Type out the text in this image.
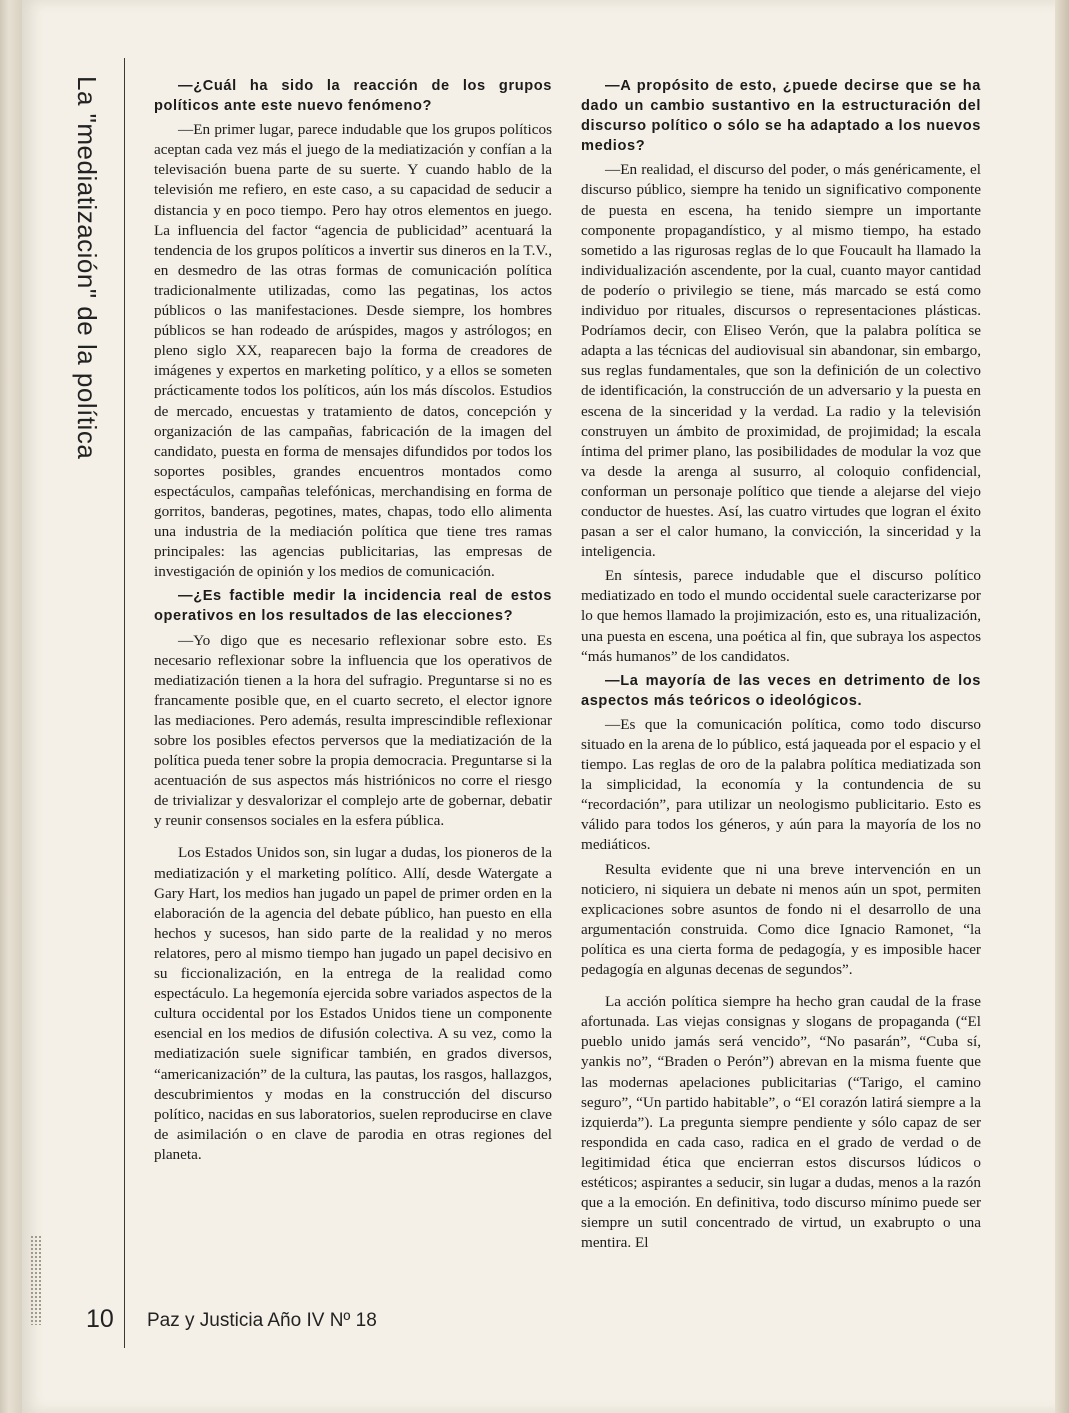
La "mediatización" de la política	—¿Cuál ha sido la reacción de los grupos políticos ante este nuevo fenómeno?

—En primer lugar, parece indudable que los grupos políticos aceptan cada vez más el juego de la mediatización y confían a la televisación buena parte de su suerte. Y cuando hablo de la televisión me refiero, en este caso, a su capacidad de seducir a distancia y en poco tiempo. Pero hay otros elementos en juego. La influencia del factor “agencia de publicidad” acentuará la tendencia de los grupos políticos a invertir sus dineros en la T.V., en desmedro de las otras formas de comunicación política tradicionalmente utilizadas, como las pegatinas, los actos públicos o las manifestaciones. Desde siempre, los hombres públicos se han rodeado de arúspides, magos y astrólogos; en pleno siglo XX, reaparecen bajo la forma de creadores de imágenes y expertos en marketing político, y a ellos se someten prácticamente todos los políticos, aún los más díscolos. Estudios de mercado, encuestas y tratamiento de datos, concepción y organización de las campañas, fabricación de la imagen del candidato, puesta en forma de mensajes difundidos por todos los soportes posibles, grandes encuentros montados como espectáculos, campañas telefónicas, merchandising en forma de gorritos, banderas, pegotines, mates, chapas, todo ello alimenta una industria de la mediación política que tiene tres ramas principales: las agencias publicitarias, las empresas de investigación de opinión y los medios de comunicación.

—¿Es factible medir la incidencia real de estos operativos en los resultados de las elecciones?

—Yo digo que es necesario reflexionar sobre esto. Es necesario reflexionar sobre la influencia que los operativos de mediatización tienen a la hora del sufragio. Preguntarse si no es francamente posible que, en el cuarto secreto, el elector ignore las mediaciones. Pero además, resulta imprescindible reflexionar sobre los posibles efectos perversos que la mediatización de la política pueda tener sobre la propia democracia. Preguntarse si la acentuación de sus aspectos más histriónicos no corre el riesgo de trivializar y desvalorizar el complejo arte de gobernar, debatir y reunir consensos sociales en la esfera pública.

Los Estados Unidos son, sin lugar a dudas, los pioneros de la mediatización y el marketing político. Allí, desde Watergate a Gary Hart, los medios han jugado un papel de primer orden en la elaboración de la agencia del debate público, han puesto en ella hechos y sucesos, han sido parte de la realidad y no meros relatores, pero al mismo tiempo han jugado un papel decisivo en su ficcionalización, en la entrega de la realidad como espectáculo. La hegemonía ejercida sobre variados aspectos de la cultura occidental por los Estados Unidos tiene un componente esencial en los medios de difusión colectiva. A su vez, como la mediatización suele significar también, en grados diversos, “americanización” de la cultura, las pautas, los rasgos, hallazgos, descubrimientos y modas en la construcción del discurso político, nacidas en sus laboratorios, suelen reproducirse en clave de asimilación o en clave de parodia en otras regiones del planeta.

—A propósito de esto, ¿puede decirse que se ha dado un cambio sustantivo en la estructuración del discurso político o sólo se ha adaptado a los nuevos medios?

—En realidad, el discurso del poder, o más genéricamente, el discurso público, siempre ha tenido un significativo componente de puesta en escena, ha tenido siempre un importante componente propagandístico, y al mismo tiempo, ha estado sometido a las rigurosas reglas de lo que Foucault ha llamado la individualización ascendente, por la cual, cuanto mayor cantidad de poderío o privilegio se tiene, más marcado se está como individuo por rituales, discursos o representaciones plásticas. Podríamos decir, con Eliseo Verón, que la palabra política se adapta a las técnicas del audiovisual sin abandonar, sin embargo, sus reglas fundamentales, que son la definición de un colectivo de identificación, la construcción de un adversario y la puesta en escena de la sinceridad y la verdad. La radio y la televisión construyen un ámbito de proximidad, de projimidad; la escala íntima del primer plano, las posibilidades de modular la voz que va desde la arenga al susurro, al coloquio confidencial, conforman un personaje político que tiende a alejarse del viejo conductor de huestes. Así, las cuatro virtudes que logran el éxito pasan a ser el calor humano, la convicción, la sinceridad y la inteligencia.

En síntesis, parece indudable que el discurso político mediatizado en todo el mundo occidental suele caracterizarse por lo que hemos llamado la projimización, esto es, una ritualización, una puesta en escena, una poética al fin, que subraya los aspectos “más humanos” de los candidatos.

—La mayoría de las veces en detrimento de los aspectos más teóricos o ideológicos.

—Es que la comunicación política, como todo discurso situado en la arena de lo público, está jaqueada por el espacio y el tiempo. Las reglas de oro de la palabra política mediatizada son la simplicidad, la economía y la contundencia de su “recordación”, para utilizar un neologismo publicitario. Esto es válido para todos los géneros, y aún para la mayoría de los no mediáticos.

Resulta evidente que ni una breve intervención en un noticiero, ni siquiera un debate ni menos aún un spot, permiten explicaciones sobre asuntos de fondo ni el desarrollo de una argumentación construida. Como dice Ignacio Ramonet, “la política es una cierta forma de pedagogía, y es imposible hacer pedagogía en algunas decenas de segundos”.

La acción política siempre ha hecho gran caudal de la frase afortunada. Las viejas consignas y slogans de propaganda (“El pueblo unido jamás será vencido”, “No pasarán”, “Cuba sí, yankis no”, “Braden o Perón”) abrevan en la misma fuente que las modernas apelaciones publicitarias (“Tarigo, el camino seguro”, “Un partido habitable”, o “El corazón latirá siempre a la izquierda”). La pregunta siempre pendiente y sólo capaz de ser respondida en cada caso, radica en el grado de verdad o de legitimidad ética que encierran estos discursos lúdicos o estéticos; aspirantes a seducir, sin lugar a dudas, menos a la razón que a la emoción. En definitiva, todo discurso mínimo puede ser siempre un sutil concentrado de virtud, un exabrupto o una mentira. El

10 Paz y Justicia Año IV Nº 18
